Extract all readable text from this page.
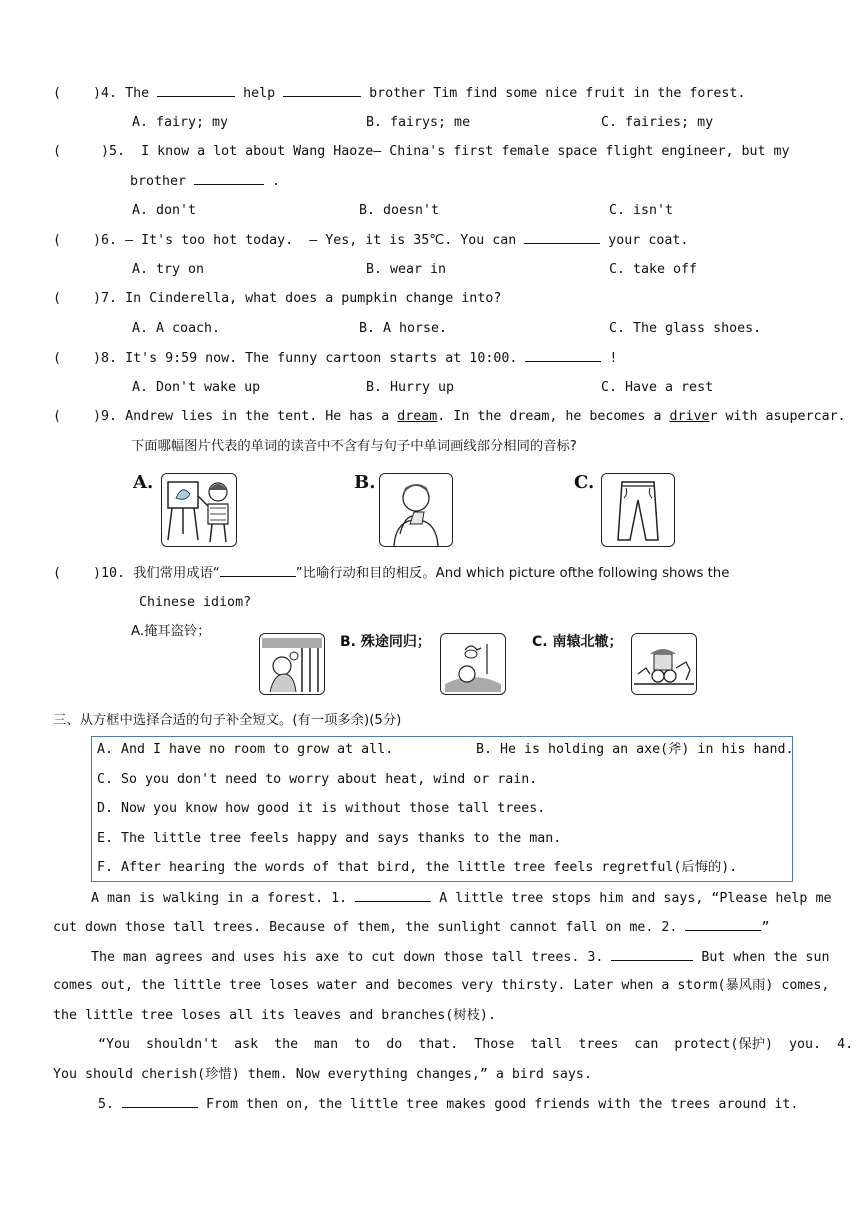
(    )4. The	help	brother Tim find some nice fruit in the forest.
A. fairy; my	B. fairys; me	C. fairies; my
(     )5. I know a lot about Wang Haoze— China's first female space flight engineer, but my
brother	.
A. don't	B. doesn't	C. isn't
(    )6. — It's too hot today.  — Yes, it is 35℃. You can	your coat.
A. try on	B. wear in	C. take off
(    )7. In Cinderella, what does a pumpkin change into?
A. A coach.	B. A horse.	C. The glass shoes.
(    )8. It's 9:59 now. The funny cartoon starts at 10:00.	!
A. Don't wake up	B. Hurry up	C. Have a rest
(    )9. Andrew lies in the tent. He has a dream. In the dream, he becomes a driver with asupercar.
下面哪幅图片代表的单词的读音中不含有与句子中单词画线部分相同的音标?
A.	B.	C.
(    )10. 我们常用成语“	”比喻行动和目的相反。And which picture ofthe following shows the
Chinese idiom?
A.掩耳盗铃；
B. 殊途同归；	C. 南辕北辙；
三、从方框中选择合适的句子补全短文。(有一项多余)(5分)
A. And I have no room to grow at all.	B. He is holding an axe(斧) in his hand.
C. So you don't need to worry about heat, wind or rain.
D. Now you know how good it is without those tall trees.
E. The little tree feels happy and says thanks to the man.
F. After hearing the words of that bird, the little tree feels regretful(后悔的).
A man is walking in a forest. 1.	A little tree stops him and says, “Please help me
cut down those tall trees. Because of them, the sunlight cannot fall on me. 2.	”
The man agrees and uses his axe to cut down those tall trees. 3.	But when the sun
comes out, the little tree loses water and becomes very thirsty. Later when a storm(暴风雨) comes,
the little tree loses all its leaves and branches(树枝).
“You  shouldn't  ask  the  man  to  do  that.  Those  tall  trees  can  protect(保护)  you.  4.
You should cherish(珍惜) them. Now everything changes,” a bird says.
5.	From then on, the little tree makes good friends with the trees around it.
